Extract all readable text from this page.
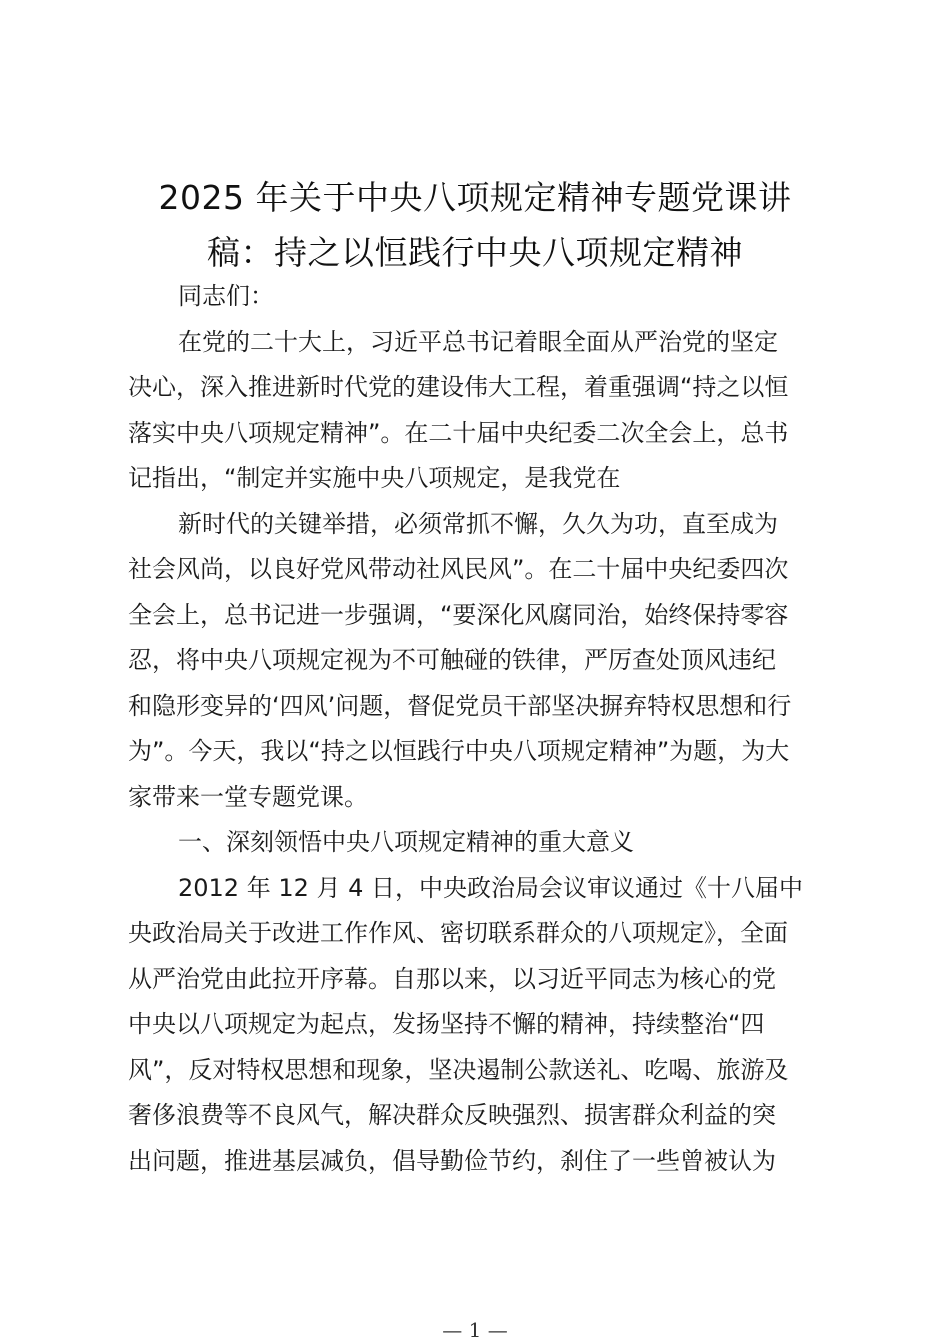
2025 年关于中央八项规定精神专题党课讲
稿：持之以恒践行中央八项规定精神
同志们：
在党的二十大上，习近平总书记着眼全面从严治党的坚定
决心，深入推进新时代党的建设伟大工程，着重强调“持之以恒
落实中央八项规定精神”。在二十届中央纪委二次全会上，总书
记指出，“制定并实施中央八项规定，是我党在
新时代的关键举措，必须常抓不懈，久久为功，直至成为
社会风尚，以良好党风带动社风民风”。在二十届中央纪委四次
全会上，总书记进一步强调，“要深化风腐同治，始终保持零容
忍，将中央八项规定视为不可触碰的铁律，严厉查处顶风违纪
和隐形变异的‘四风’问题，督促党员干部坚决摒弃特权思想和行
为”。今天，我以“持之以恒践行中央八项规定精神”为题，为大
家带来一堂专题党课。
一、深刻领悟中央八项规定精神的重大意义
2012 年 12 月 4 日，中央政治局会议审议通过《十八届中
央政治局关于改进工作作风、密切联系群众的八项规定》，全面
从严治党由此拉开序幕。自那以来，以习近平同志为核心的党
中央以八项规定为起点，发扬坚持不懈的精神，持续整治“四
风”，反对特权思想和现象，坚决遏制公款送礼、吃喝、旅游及
奢侈浪费等不良风气，解决群众反映强烈、损害群众利益的突
出问题，推进基层减负，倡导勤俭节约，刹住了一些曾被认为
— 1 —
